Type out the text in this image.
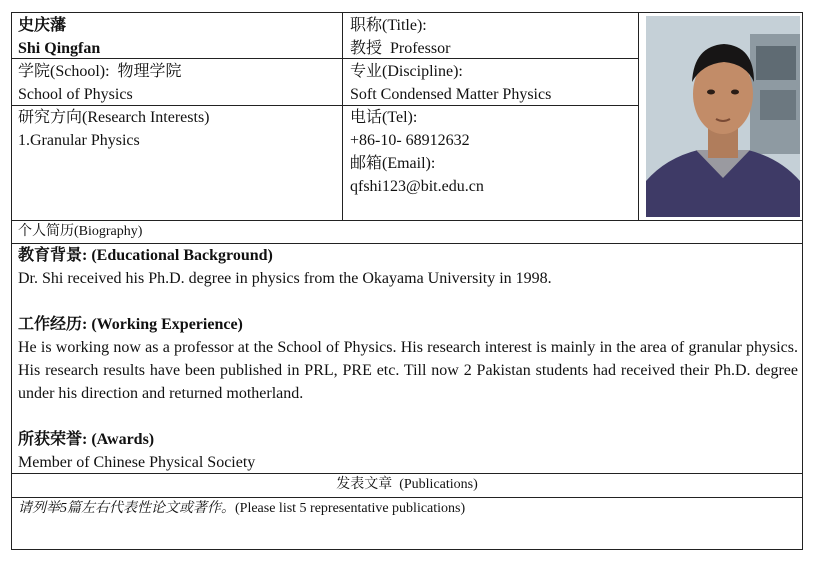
史庆藩
Shi Qingfan
职称(Title):
教授  Professor
学院(School):  物理学院
School of Physics
专业(Discipline):
Soft Condensed Matter Physics
研究方向(Research Interests)
1.Granular Physics
电话(Tel):
+86-10- 68912632
邮箱(Email):
qfshi123@bit.edu.cn
个人简历(Biography)
教育背景: (Educational Background)
Dr. Shi received his Ph.D. degree in physics from the Okayama University in 1998.
工作经历: (Working Experience)
He is working now as a professor at the School of Physics. His research interest is mainly in the area of granular physics. His research results have been published in PRL, PRE etc. Till now 2 Pakistan students had received their Ph.D. degree under his direction and returned motherland.
所获荣誉: (Awards)
Member of Chinese Physical Society
发表文章  (Publications)
请列举5篇左右代表性论文或著作。(Please list 5 representative publications)
